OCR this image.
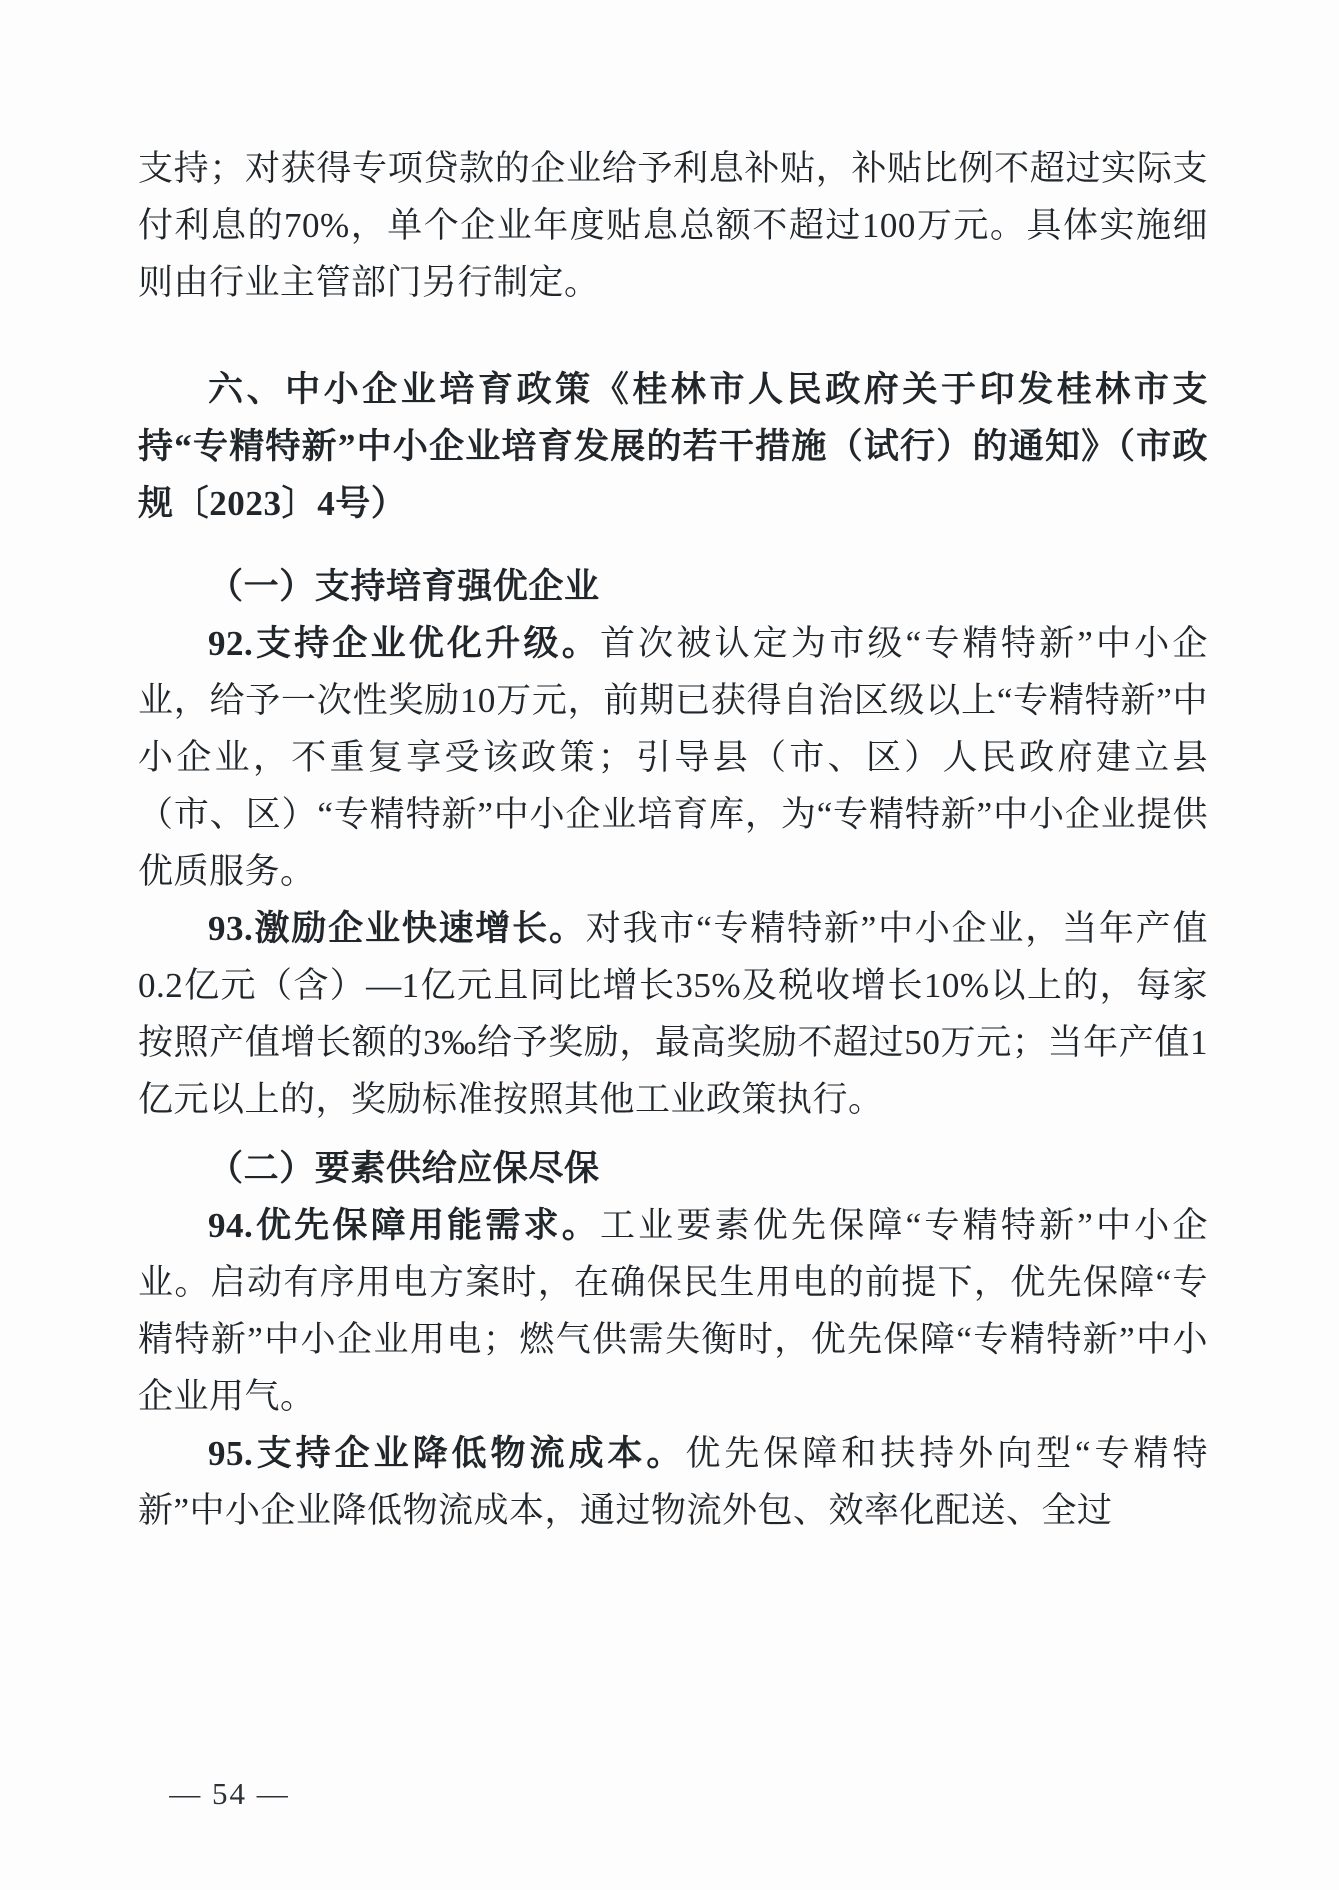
支持；对获得专项贷款的企业给予利息补贴，补贴比例不超过实际支付利息的70%，单个企业年度贴息总额不超过100万元。具体实施细则由行业主管部门另行制定。

六、中小企业培育政策《桂林市人民政府关于印发桂林市支持“专精特新”中小企业培育发展的若干措施（试行）的通知》（市政规〔2023〕4号）

（一）支持培育强优企业

92.支持企业优化升级。首次被认定为市级“专精特新”中小企业，给予一次性奖励10万元，前期已获得自治区级以上“专精特新”中小企业，不重复享受该政策；引导县（市、区）人民政府建立县（市、区）“专精特新”中小企业培育库，为“专精特新”中小企业提供优质服务。

93.激励企业快速增长。对我市“专精特新”中小企业，当年产值0.2亿元（含）—1亿元且同比增长35%及税收增长10%以上的，每家按照产值增长额的3‰给予奖励，最高奖励不超过50万元；当年产值1亿元以上的，奖励标准按照其他工业政策执行。

（二）要素供给应保尽保

94.优先保障用能需求。工业要素优先保障“专精特新”中小企业。启动有序用电方案时，在确保民生用电的前提下，优先保障“专精特新”中小企业用电；燃气供需失衡时，优先保障“专精特新”中小企业用气。

95.支持企业降低物流成本。优先保障和扶持外向型“专精特新”中小企业降低物流成本，通过物流外包、效率化配送、全过

— 54 —
